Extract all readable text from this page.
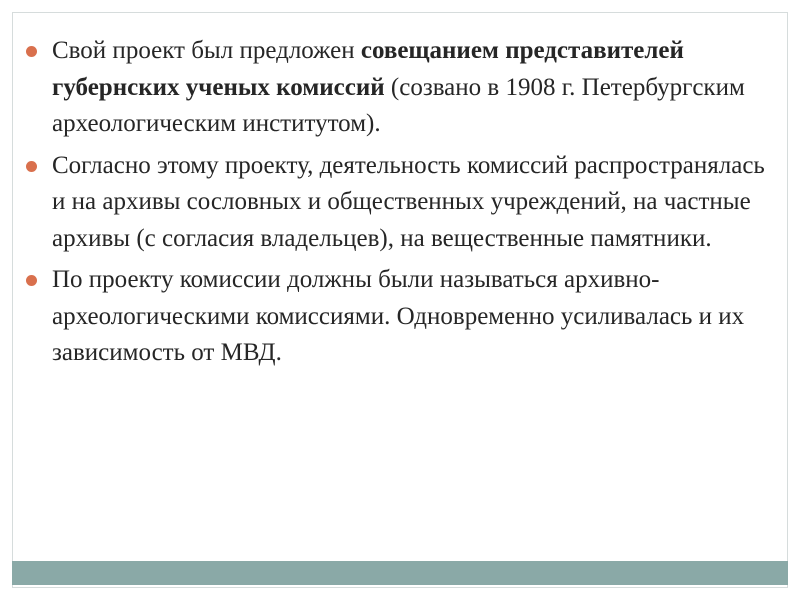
Свой проект был предложен совещанием представителей губернских ученых комиссий (созвано в 1908 г. Петербургским археологическим институтом).
Согласно этому проекту, деятельность комиссий распространялась и на архивы сословных и общественных учреждений, на частные архивы (с согласия владельцев), на вещественные памятники.
По проекту комиссии должны были называться архивно-археологическими комиссиями. Одновременно усиливалась и их зависимость от МВД.
